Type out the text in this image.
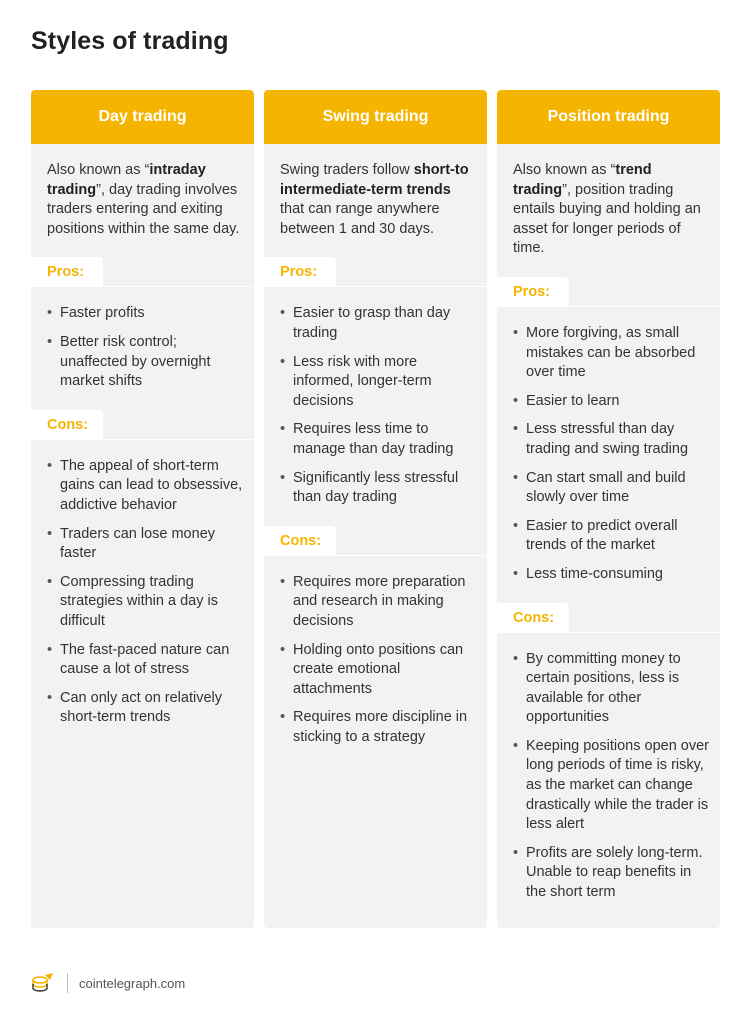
Styles of trading
Day trading

Also known as “intraday trading”, day trading involves traders entering and exiting positions within the same day.

Pros:
• Faster profits
• Better risk control; unaffected by overnight market shifts
Cons:
• The appeal of short-term gains can lead to obsessive, addictive behavior
• Traders can lose money faster
• Compressing trading strategies within a day is difficult
• The fast-paced nature can cause a lot of stress
• Can only act on relatively short-term trends
Swing trading

Swing traders follow short-to intermediate-term trends that can range anywhere between 1 and 30 days.

Pros:
• Easier to grasp than day trading
• Less risk with more informed, longer-term decisions
• Requires less time to manage than day trading
• Significantly less stressful than day trading
Cons:
• Requires more preparation and research in making decisions
• Holding onto positions can create emotional attachments
• Requires more discipline in sticking to a strategy
Position trading

Also known as “trend trading”, position trading entails buying and holding an asset for longer periods of time.

Pros:
• More forgiving, as small mistakes can be absorbed over time
• Easier to learn
• Less stressful than day trading and swing trading
• Can start small and build slowly over time
• Easier to predict overall trends of the market
• Less time-consuming
Cons:
• By committing money to certain positions, less is available for other opportunities
• Keeping positions open over long periods of time is risky, as the market can change drastically while the trader is less alert
• Profits are solely long-term. Unable to reap benefits in the short term
cointelegraph.com
